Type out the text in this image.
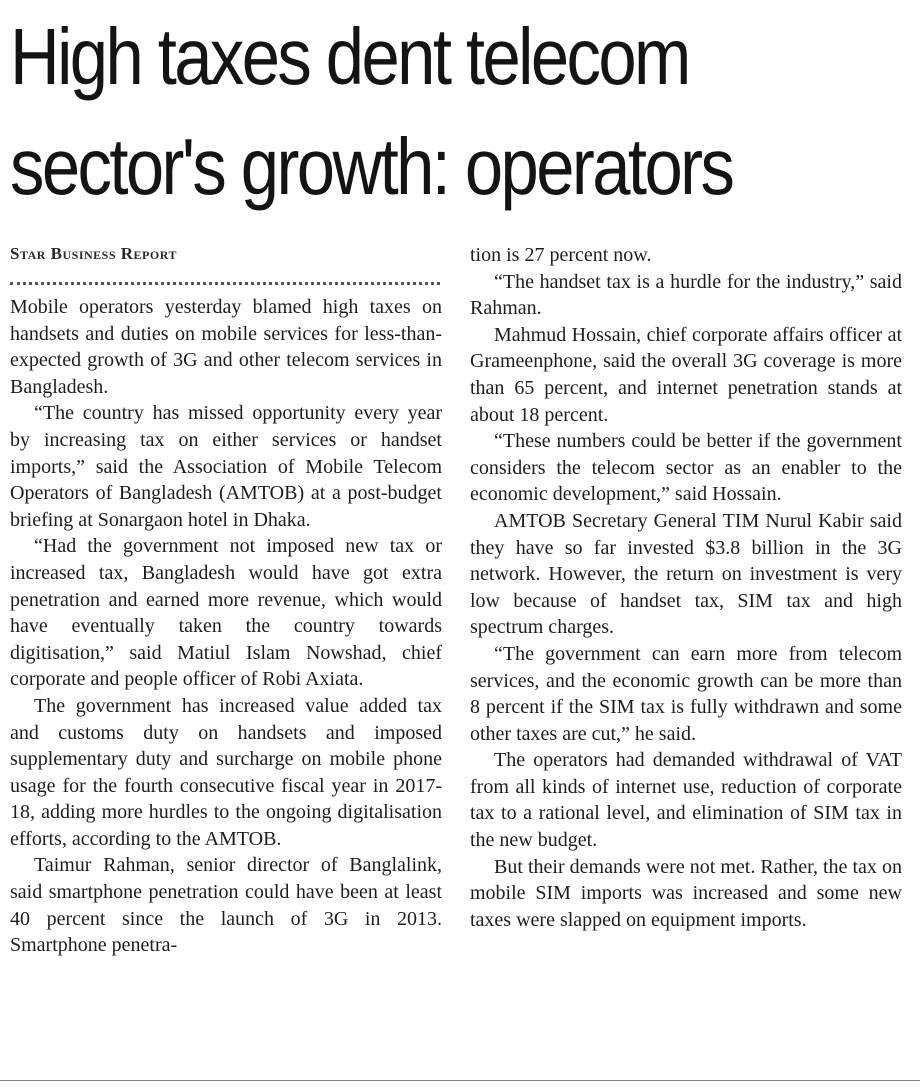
High taxes dent telecom
sector's growth: operators
Star Business Report

Mobile operators yesterday blamed high taxes on handsets and duties on mobile services for less-than-expected growth of 3G and other telecom services in Bangladesh.

“The country has missed opportunity every year by increasing tax on either services or handset imports,” said the Association of Mobile Telecom Operators of Bangladesh (AMTOB) at a post-budget briefing at Sonargaon hotel in Dhaka.

“Had the government not imposed new tax or increased tax, Bangladesh would have got extra penetration and earned more revenue, which would have eventually taken the country towards digitisation,” said Matiul Islam Nowshad, chief corporate and people officer of Robi Axiata.

The government has increased value added tax and customs duty on handsets and imposed supplementary duty and surcharge on mobile phone usage for the fourth consecutive fiscal year in 2017-18, adding more hurdles to the ongoing digitalisation efforts, according to the AMTOB.

Taimur Rahman, senior director of Banglalink, said smartphone penetration could have been at least 40 percent since the launch of 3G in 2013. Smartphone penetra-

tion is 27 percent now.

“The handset tax is a hurdle for the industry,” said Rahman.

Mahmud Hossain, chief corporate affairs officer at Grameenphone, said the overall 3G coverage is more than 65 percent, and internet penetration stands at about 18 percent.

“These numbers could be better if the government considers the telecom sector as an enabler to the economic development,” said Hossain.

AMTOB Secretary General TIM Nurul Kabir said they have so far invested $3.8 billion in the 3G network. However, the return on investment is very low because of handset tax, SIM tax and high spectrum charges.

“The government can earn more from telecom services, and the economic growth can be more than 8 percent if the SIM tax is fully withdrawn and some other taxes are cut,” he said.

The operators had demanded withdrawal of VAT from all kinds of internet use, reduction of corporate tax to a rational level, and elimination of SIM tax in the new budget.

But their demands were not met. Rather, the tax on mobile SIM imports was increased and some new taxes were slapped on equipment imports.
